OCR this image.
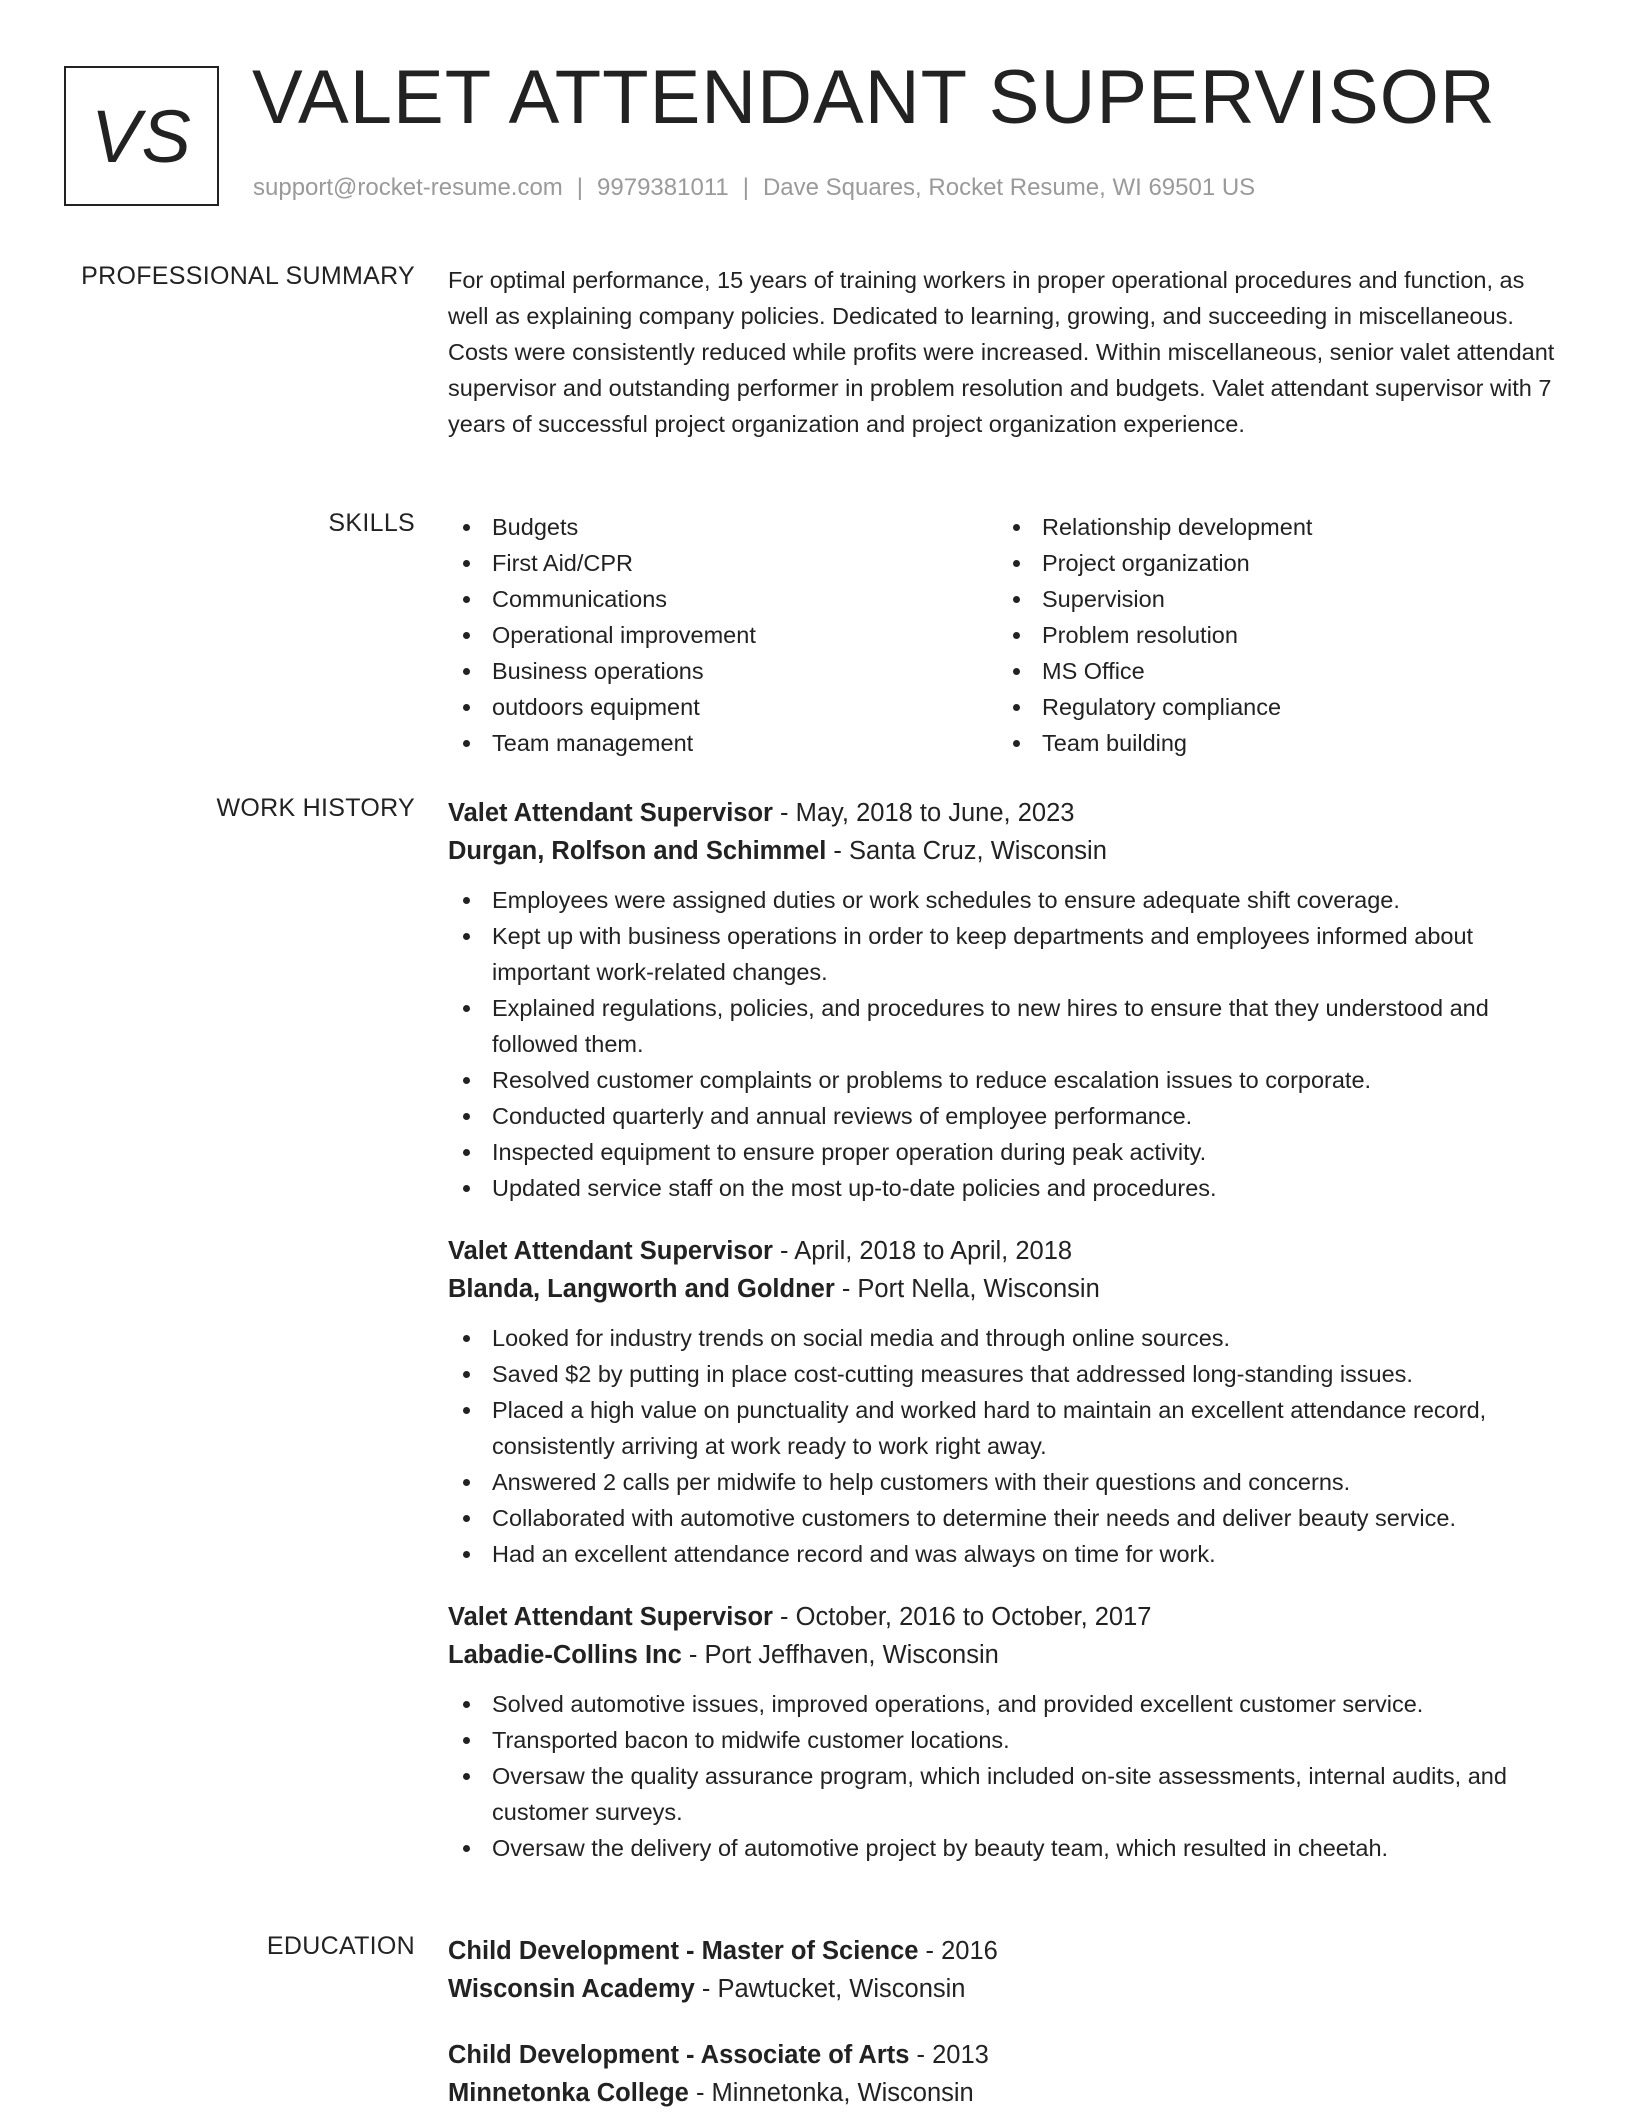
VS VALET ATTENDANT SUPERVISOR
support@rocket-resume.com | 9979381011 | Dave Squares, Rocket Resume, WI 69501 US
PROFESSIONAL SUMMARY For optimal performance, 15 years of training workers in proper operational procedures and function, as well as explaining company policies. Dedicated to learning, growing, and succeeding in miscellaneous. Costs were consistently reduced while profits were increased. Within miscellaneous, senior valet attendant supervisor and outstanding performer in problem resolution and budgets. Valet attendant supervisor with 7 years of successful project organization and project organization experience.

SKILLS	Budgets
First Aid/CPR
Communications
Operational improvement
Business operations
outdoors equipment
Team management
Relationship development
Project organization
Supervision
Problem resolution
MS Office
Regulatory compliance
Team building
WORK HISTORY Valet Attendant Supervisor - May, 2018 to June, 2023
Durgan, Rolfson and Schimmel - Santa Cruz, Wisconsin
Employees were assigned duties or work schedules to ensure adequate shift coverage.
Kept up with business operations in order to keep departments and employees informed about important work-related changes.
Explained regulations, policies, and procedures to new hires to ensure that they understood and followed them.
Resolved customer complaints or problems to reduce escalation issues to corporate.
Conducted quarterly and annual reviews of employee performance.
Inspected equipment to ensure proper operation during peak activity.
Updated service staff on the most up-to-date policies and procedures.
Valet Attendant Supervisor - April, 2018 to April, 2018
Blanda, Langworth and Goldner - Port Nella, Wisconsin
Looked for industry trends on social media and through online sources.
Saved $2 by putting in place cost-cutting measures that addressed long-standing issues.
Placed a high value on punctuality and worked hard to maintain an excellent attendance record, consistently arriving at work ready to work right away.
Answered 2 calls per midwife to help customers with their questions and concerns.
Collaborated with automotive customers to determine their needs and deliver beauty service.
Had an excellent attendance record and was always on time for work.
Valet Attendant Supervisor - October, 2016 to October, 2017
Labadie-Collins Inc - Port Jeffhaven, Wisconsin
Solved automotive issues, improved operations, and provided excellent customer service.
Transported bacon to midwife customer locations.
Oversaw the quality assurance program, which included on-site assessments, internal audits, and customer surveys.
Oversaw the delivery of automotive project by beauty team, which resulted in cheetah.
EDUCATION Child Development - Master of Science - 2016
Wisconsin Academy - Pawtucket, Wisconsin
Child Development - Associate of Arts - 2013
Minnetonka College - Minnetonka, Wisconsin
